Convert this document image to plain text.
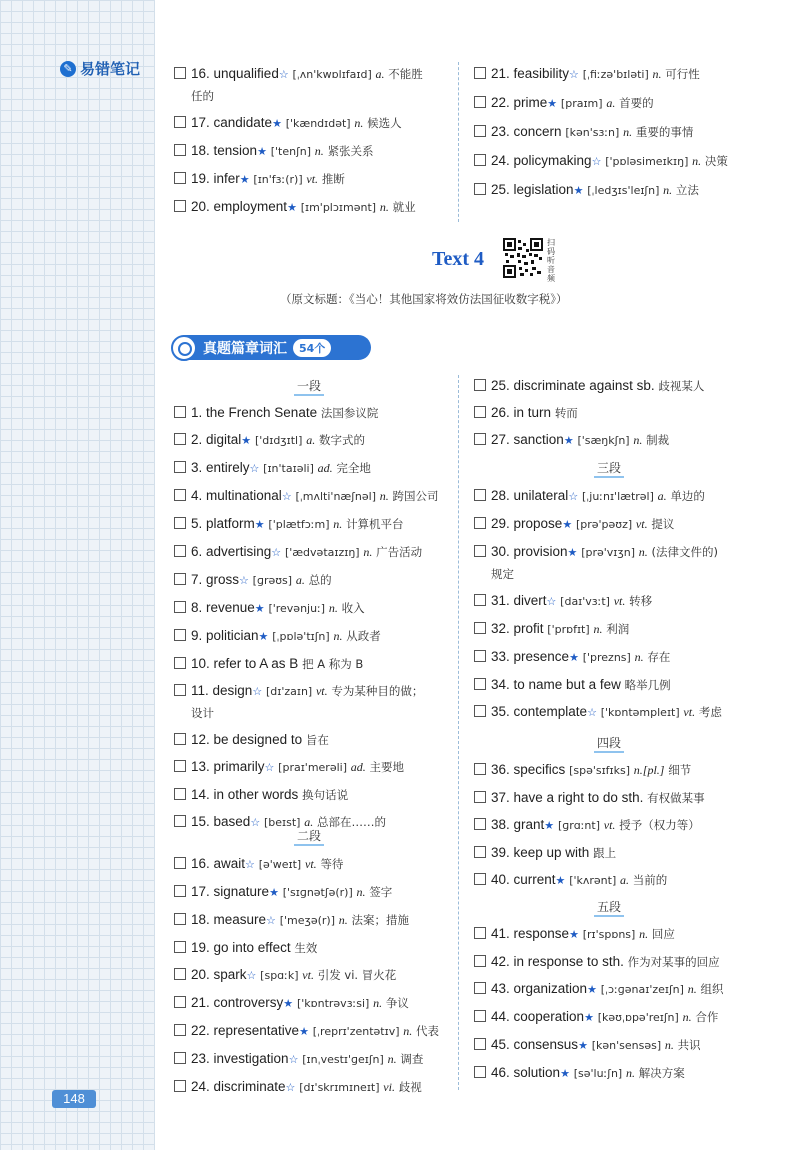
✎ 易错笔记
148

16. unqualified☆ [ˌʌn'kwɒlɪfaɪd] a. 不能胜
任的

17. candidate★ ['kændɪdət] n. 候选人

18. tension★ ['tenʃn] n. 紧张关系

19. infer★ [ɪn'fɜː(r)] vt. 推断

20. employment★ [ɪm'plɔɪmənt] n. 就业

21. feasibility☆ [ˌfiːzə'bɪləti] n. 可行性

22. prime★ [praɪm] a. 首要的

23. concern [kən'sɜːn] n. 重要的事情

24. policymaking☆ ['pɒləsimeɪkɪŋ] n. 决策

25. legislation★ [ˌledʒɪs'leɪʃn] n. 立法

Text 4
扫码听音频
（原文标题：《当心！其他国家将效仿法国征收数字税》）
真题篇章词汇	54个
一段

1. the French Senate 法国参议院

2. digital★ ['dɪdʒɪtl] a. 数字式的

3. entirely☆ [ɪn'taɪəli] ad. 完全地

4. multinational☆ [ˌmʌlti'næʃnəl] n. 跨国公司

5. platform★ ['plætfɔːm] n. 计算机平台

6. advertising☆ ['ædvətaɪzɪŋ] n. 广告活动

7. gross☆ [ɡrəʊs] a. 总的

8. revenue★ ['revənjuː] n. 收入

9. politician★ [ˌpɒlə'tɪʃn] n. 从政者

10. refer to A as B 把 A 称为 B

11. design☆ [dɪ'zaɪn] vt. 专为某种目的做；
设计

12. be designed to 旨在

13. primarily☆ [praɪ'merəli] ad. 主要地

14. in other words 换句话说

15. based☆ [beɪst] a. 总部在……的

二段

16. await☆ [ə'weɪt] vt. 等待

17. signature★ ['sɪɡnətʃə(r)] n. 签字

18. measure☆ ['meʒə(r)] n. 法案；措施

19. go into effect 生效

20. spark☆ [spɑːk] vt. 引发 vi. 冒火花

21. controversy★ ['kɒntrəvɜːsi] n. 争议

22. representative★ [ˌreprɪ'zentətɪv] n. 代表

23. investigation☆ [ɪnˌvestɪ'ɡeɪʃn] n. 调查

24. discriminate☆ [dɪ'skrɪmɪneɪt] vi. 歧视

25. discriminate against sb. 歧视某人

26. in turn 转而

27. sanction★ ['sæŋkʃn] n. 制裁

三段

28. unilateral☆ [ˌjuːnɪ'lætrəl] a. 单边的

29. propose★ [prə'pəʊz] vt. 提议

30. provision★ [prə'vɪʒn] n. (法律文件的)
规定

31. divert☆ [daɪ'vɜːt] vt. 转移

32. profit ['prɒfɪt] n. 利润

33. presence★ ['prezns] n. 存在

34. to name but a few 略举几例

35. contemplate☆ ['kɒntəmpleɪt] vt. 考虑

四段

36. specifics [spə'sɪfɪks] n.[pl.] 细节

37. have a right to do sth. 有权做某事

38. grant★ [ɡrɑːnt] vt. 授予（权力等）

39. keep up with 跟上

40. current★ ['kʌrənt] a. 当前的

五段

41. response★ [rɪ'spɒns] n. 回应

42. in response to sth. 作为对某事的回应

43. organization★ [ˌɔːɡənaɪ'zeɪʃn] n. 组织

44. cooperation★ [kəʊˌɒpə'reɪʃn] n. 合作

45. consensus★ [kən'sensəs] n. 共识

46. solution★ [sə'luːʃn] n. 解决方案
